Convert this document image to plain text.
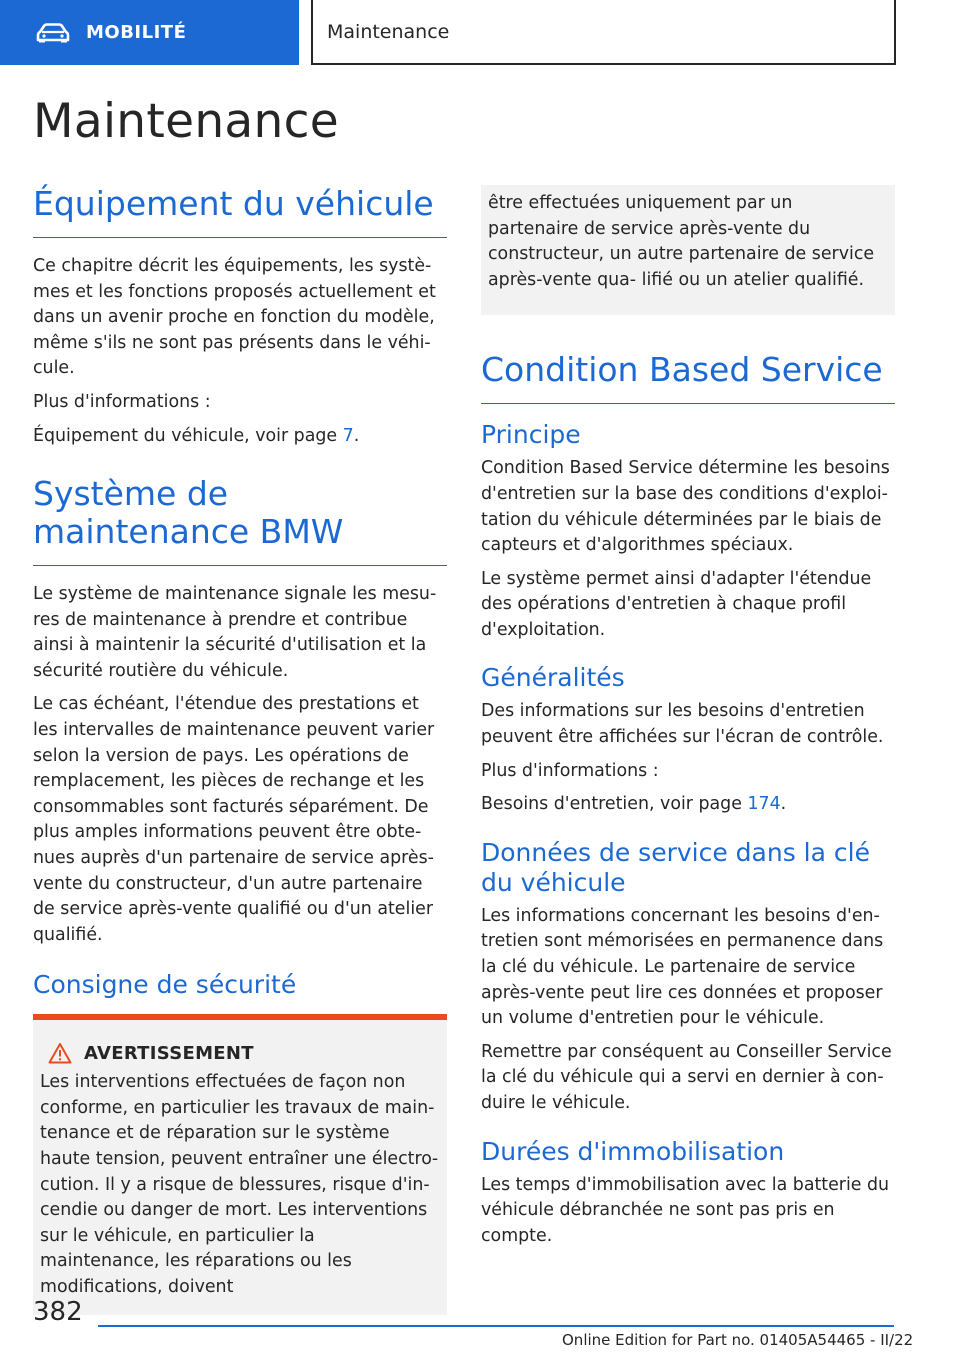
MOBILITÉ	Maintenance
Maintenance
Équipement du véhicule

Ce chapitre décrit les équipements, les systè‐ mes et les fonctions proposés actuellement et dans un avenir proche en fonction du modèle, même s'ils ne sont pas présents dans le véhi‐ cule.

Plus d'informations :

Équipement du véhicule, voir page 7.

Système de maintenance BMW

Le système de maintenance signale les mesu‐ res de maintenance à prendre et contribue ainsi à maintenir la sécurité d'utilisation et la sécurité routière du véhicule.

Le cas échéant, l'étendue des prestations et les intervalles de maintenance peuvent varier selon la version de pays. Les opérations de remplacement, les pièces de rechange et les consommables sont facturés séparément. De plus amples informations peuvent être obte‐ nues auprès d'un partenaire de service après- vente du constructeur, d'un autre partenaire de service après-vente qualifié ou d'un atelier qualifié.

Consigne de sécurité
AVERTISSEMENT

Les interventions effectuées de façon non conforme, en particulier les travaux de main‐ tenance et de réparation sur le système haute tension, peuvent entraîner une électro‐ cution. Il y a risque de blessures, risque d'in‐ cendie ou danger de mort. Les interventions sur le véhicule, en particulier la maintenance, les réparations ou les modifications, doivent

être effectuées uniquement par un partenaire de service après-vente du constructeur, un autre partenaire de service après-vente qua‐ lifié ou un atelier qualifié.

Condition Based Service
Principe

Condition Based Service détermine les besoins d'entretien sur la base des conditions d'exploi‐ tation du véhicule déterminées par le biais de capteurs et d'algorithmes spéciaux.

Le système permet ainsi d'adapter l'étendue des opérations d'entretien à chaque profil d'exploitation.

Généralités

Des informations sur les besoins d'entretien peuvent être affichées sur l'écran de contrôle.

Plus d'informations :

Besoins d'entretien, voir page 174.

Données de service dans la clé du véhicule

Les informations concernant les besoins d'en‐ tretien sont mémorisées en permanence dans la clé du véhicule. Le partenaire de service après-vente peut lire ces données et proposer un volume d'entretien pour le véhicule.

Remettre par conséquent au Conseiller Service la clé du véhicule qui a servi en dernier à con‐ duire le véhicule.

Durées d'immobilisation

Les temps d'immobilisation avec la batterie du véhicule débranchée ne sont pas pris en compte.

382
Online Edition for Part no. 01405A54465 - II/22
